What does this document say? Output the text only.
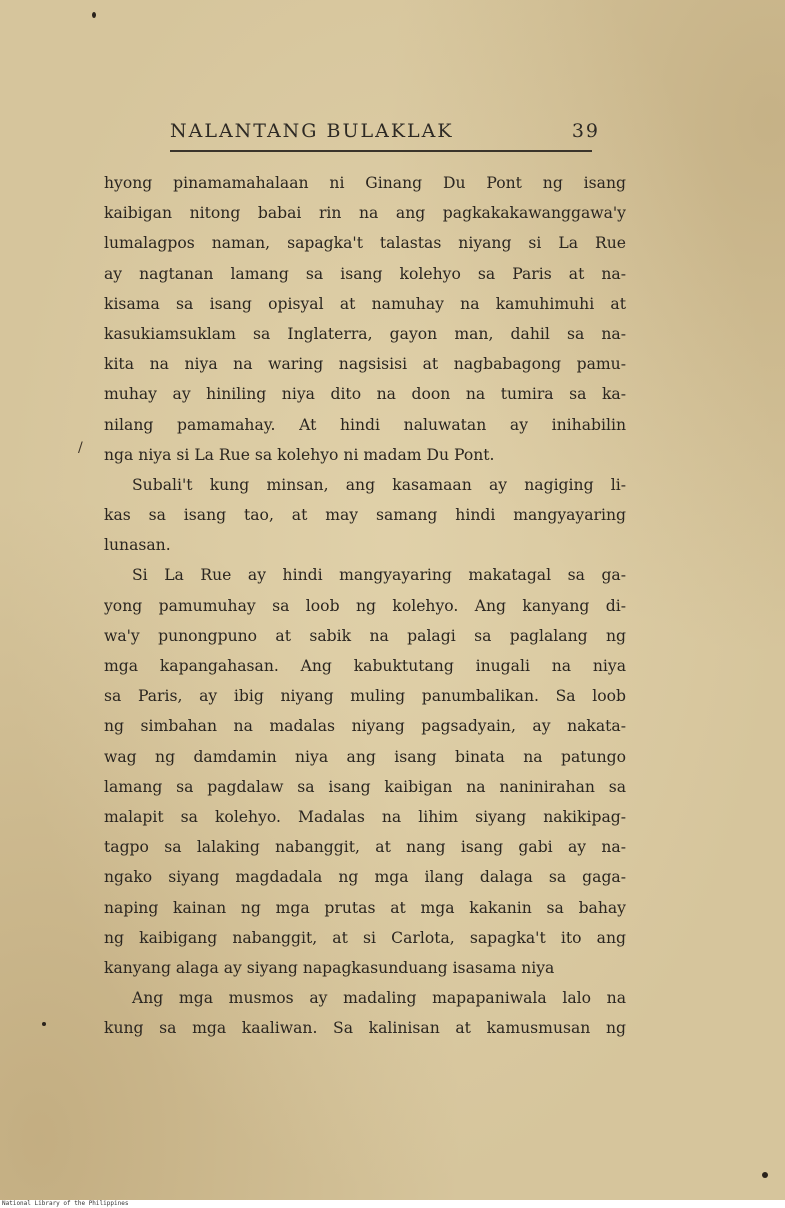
NALANTANG BULAKLAK	39
/
hyong pinamamahalaan ni Ginang Du Pont ng isang
kaibigan nitong babai rin na ang pagkakakawanggawa'y
lumalagpos naman, sapagka't talastas niyang si La Rue
ay nagtanan lamang sa isang kolehyo sa Paris at na-
kisama sa isang opisyal at namuhay na kamuhimuhi at
kasukiamsuklam sa Inglaterra, gayon man, dahil sa na-
kita na niya na waring nagsisisi at nagbabagong pamu-
muhay ay hiniling niya dito na doon na tumira sa ka-
nilang pamamahay. At hindi naluwatan ay inihabilin
nga niya si La Rue sa kolehyo ni madam Du Pont.
Subali't kung minsan, ang kasamaan ay nagiging li-
kas sa isang tao, at may samang hindi mangyayaring
lunasan.
Si La Rue ay hindi mangyayaring makatagal sa ga-
yong pamumuhay sa loob ng kolehyo. Ang kanyang di-
wa'y punongpuno at sabik na palagi sa paglalang ng
mga kapangahasan. Ang kabuktutang inugali na niya
sa Paris, ay ibig niyang muling panumbalikan. Sa loob
ng simbahan na madalas niyang pagsadyain, ay nakata-
wag ng damdamin niya ang isang binata na patungo
lamang sa pagdalaw sa isang kaibigan na naninirahan sa
malapit sa kolehyo. Madalas na lihim siyang nakikipag-
tagpo sa lalaking nabanggit, at nang isang gabi ay na-
ngako siyang magdadala ng mga ilang dalaga sa gaga-
naping kainan ng mga prutas at mga kakanin sa bahay
ng kaibigang nabanggit, at si Carlota, sapagka't ito ang
kanyang alaga ay siyang napagkasunduang isasama niya
Ang mga musmos ay madaling mapapaniwala lalo na
kung sa mga kaaliwan. Sa kalinisan at kamusmusan ng
National Library of the Philippines
